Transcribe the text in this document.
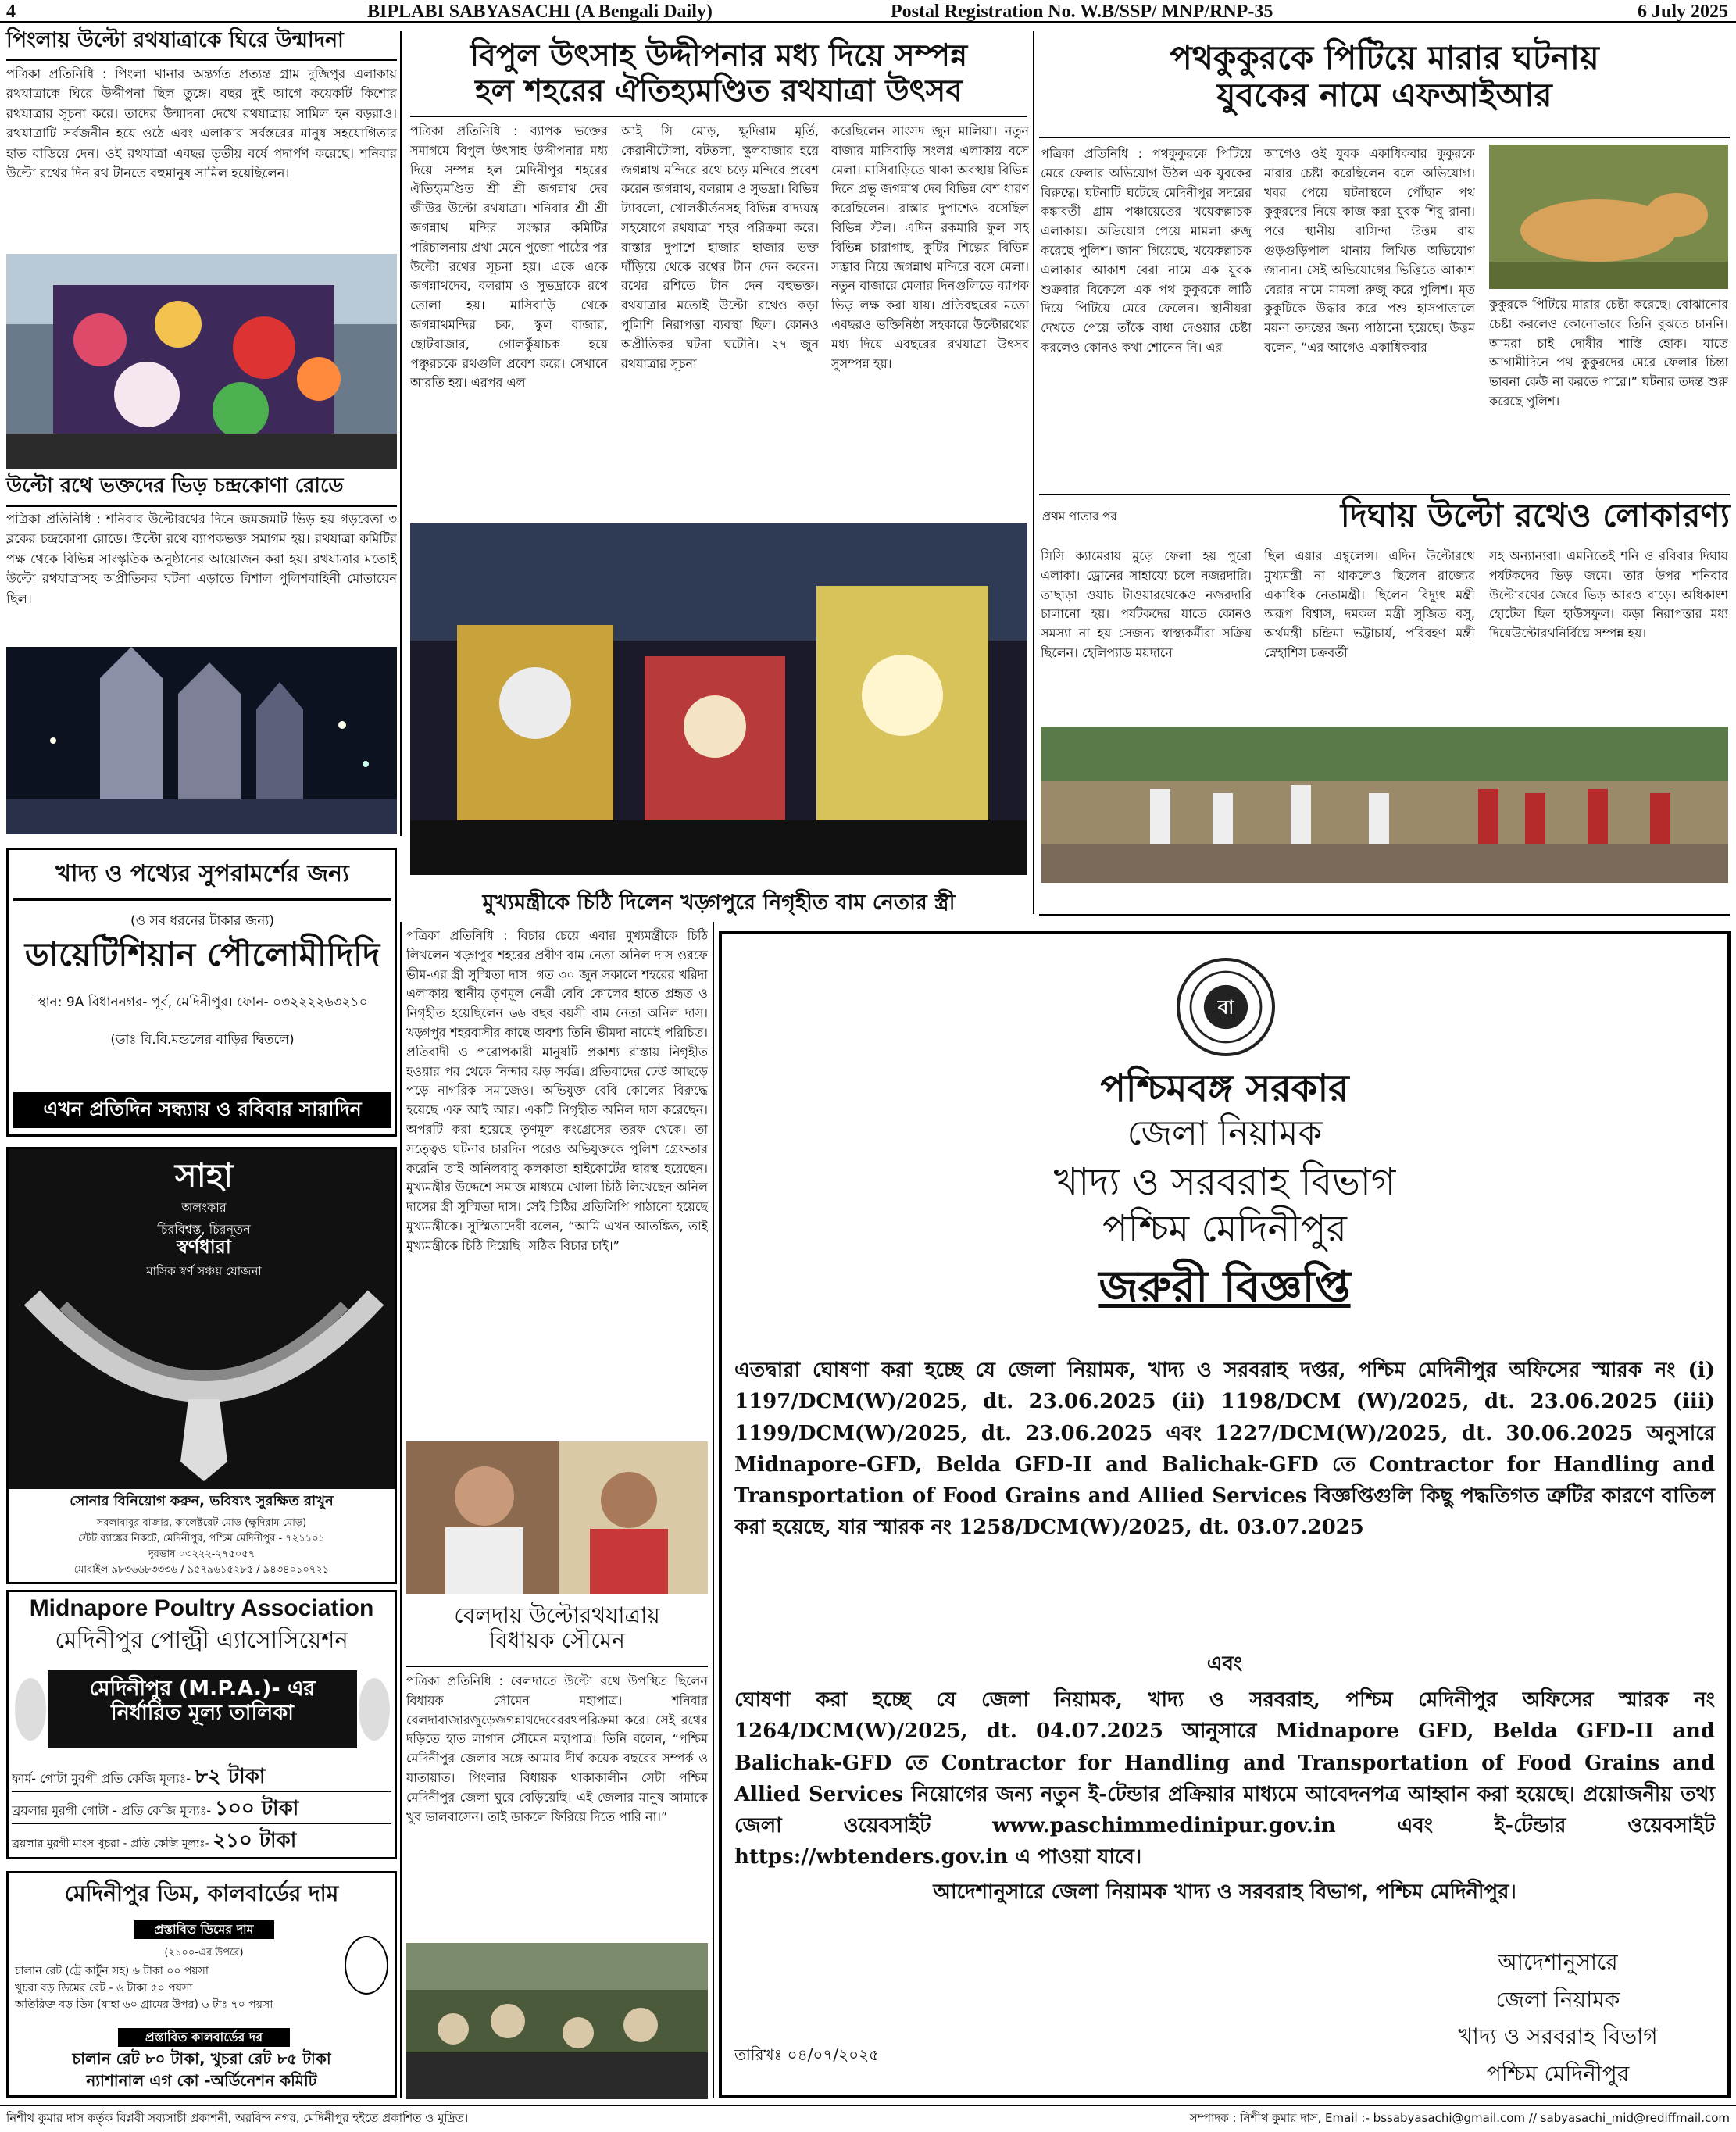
4	BIPLABI SABYASACHI (A Bengali Daily)	Postal Registration No. W.B/SSP/ MNP/RNP-35	6 July 2025
পিংলায় উল্টো রথযাত্রাকে ঘিরে উন্মাদনা
পত্রিকা প্রতিনিধি : পিংলা থানার অন্তর্গত প্রত্যন্ত গ্রাম দুজিপুর এলাকায় রথযাত্রাকে ঘিরে উদ্দীপনা ছিল তুঙ্গে। বছর দুই আগে কয়েকটি কিশোর রথযাত্রার সূচনা করে। তাদের উন্মাদনা দেখে রথযাত্রায় সামিল হন বড়রাও। রথযাত্রাটি সর্বজনীন হয়ে ওঠে এবং এলাকার সর্বস্তরের মানুষ সহযোগিতার হাত বাড়িয়ে দেন। ওই রথযাত্রা এবছর তৃতীয় বর্ষে পদার্পণ করেছে। শনিবার উল্টো রথের দিন রথ টানতে বহুমানুষ সামিল হয়েছিলেন।
উল্টো রথে ভক্তদের ভিড় চন্দ্রকোণা রোডে
পত্রিকা প্রতিনিধি : শনিবার উল্টোরথের দিনে জমজমাট ভিড় হয় গড়বেতা ৩ ব্লকের চন্দ্রকোণা রোডে। উল্টো রথে ব্যাপকভক্ত সমাগম হয়। রথযাত্রা কমিটির পক্ষ থেকে বিভিন্ন সাংস্কৃতিক অনুষ্ঠানের আয়োজন করা হয়। রথযাত্রার মতোই উল্টো রথযাত্রাসহ অপ্রীতিকর ঘটনা এড়াতে বিশাল পুলিশবাহিনী মোতায়েন ছিল।
বিপুল উৎসাহ উদ্দীপনার মধ্য দিয়ে সম্পন্ন
হল শহরের ঐতিহ্যমণ্ডিত রথযাত্রা উৎসব
পত্রিকা প্রতিনিধি : ব্যাপক ভক্তের সমাগমে বিপুল উৎসাহ উদ্দীপনার মধ্য দিয়ে সম্পন্ন হল মেদিনীপুর শহরের ঐতিহ্যমণ্ডিত শ্রী শ্রী জগন্নাথ দেব জীউর উল্টো রথযাত্রা। শনিবার শ্রী শ্রী জগন্নাথ মন্দির সংস্কার কমিটির পরিচালনায় প্রথা মেনে পুজো পাঠের পর উল্টো রথের সূচনা হয়। একে একে জগন্নাথদেব, বলরাম ও সুভদ্রাকে রথে তোলা হয়। মাসিবাড়ি থেকে জগন্নাথমন্দির চক, স্কুল বাজার, ছোটবাজার, গোলকুঁয়াচক হয়ে পঞ্চুরচকে রথগুলি প্রবেশ করে। সেখানে আরতি হয়। এরপর এল
আই সি মোড়, ক্ষুদিরাম মূর্তি, কেরানীটোলা, বটতলা, স্কুলবাজার হয়ে জগন্নাথ মন্দিরে রথে চড়ে মন্দিরে প্রবেশ করেন জগন্নাথ, বলরাম ও সুভদ্রা। বিভিন্ন ট্যাবলো, খোলকীর্তনসহ বিভিন্ন বাদ্যযন্ত্র সহযোগে রথযাত্রা শহর পরিক্রমা করে। রাস্তার দুপাশে হাজার হাজার ভক্ত দাঁড়িয়ে থেকে রথের টান দেন করেন। রথের রশিতে টান দেন বহুভক্ত। রথযাত্রার মতোই উল্টো রথেও কড়া পুলিশি নিরাপত্তা ব্যবস্থা ছিল। কোনও অপ্রীতিকর ঘটনা ঘটেনি। ২৭ জুন রথযাত্রার সূচনা
করেছিলেন সাংসদ জুন মালিয়া। নতুন বাজার মাসিবাড়ি সংলগ্ন এলাকায় বসে মেলা। মাসিবাড়িতে থাকা অবস্থায় বিভিন্ন দিনে প্রভু জগন্নাথ দেব বিভিন্ন বেশ ধারণ করেছিলেন। রাস্তার দুপাশেও বসেছিল বিভিন্ন স্টল। এদিন রকমারি ফুল সহ বিভিন্ন চারাগাছ, কুটির শিল্পের বিভিন্ন সম্ভার নিয়ে জগন্নাথ মন্দিরে বসে মেলা। নতুন বাজারে মেলার দিনগুলিতে ব্যাপক ভিড় লক্ষ করা যায়। প্রতিবছরের মতো এবছরও ভক্তিনিষ্ঠা সহকারে উল্টোরথের মধ্য দিয়ে এবছরের রথযাত্রা উৎসব সুসম্পন্ন হয়।
পথকুকুরকে পিটিয়ে মারার ঘটনায়
যুবকের নামে এফআইআর
পত্রিকা প্রতিনিধি : পথকুকুরকে পিটিয়ে মেরে ফেলার অভিযোগ উঠল এক যুবকের বিরুদ্ধে। ঘটনাটি ঘটেছে মেদিনীপুর সদরের কঙ্কাবতী গ্রাম পঞ্চায়েতের খয়েরুল্লাচক এলাকায়। অভিযোগ পেয়ে মামলা রুজু করেছে পুলিশ। জানা গিয়েছে, খয়েরুল্লাচক এলাকার আকাশ বেরা নামে এক যুবক শুক্রবার বিকেলে এক পথ কুকুরকে লাঠি দিয়ে পিটিয়ে মেরে ফেলেন। স্থানীয়রা দেখতে পেয়ে তাঁকে বাধা দেওয়ার চেষ্টা করলেও কোনও কথা শোনেন নি। এর
আগেও ওই যুবক একাধিকবার কুকুরকে মারার চেষ্টা করেছিলেন বলে অভিযোগ। খবর পেয়ে ঘটনাস্থলে পৌঁছান পথ কুকুরদের নিয়ে কাজ করা যুবক শিবু রানা। পরে স্থানীয় বাসিন্দা উত্তম রায় গুড়গুড়িপাল থানায় লিখিত অভিযোগ জানান। সেই অভিযোগের ভিত্তিতে আকাশ বেরার নামে মামলা রুজু করে পুলিশ। মৃত কুকুটিকে উদ্ধার করে পশু হাসপাতালে ময়না তদন্তের জন্য পাঠানো হয়েছে। উত্তম বলেন, “এর আগেও একাধিকবার
কুকুরকে পিটিয়ে মারার চেষ্টা করেছে। বোঝানোর চেষ্টা করলেও কোনোভাবে তিনি বুঝতে চাননি। আমরা চাই দোষীর শাস্তি হোক। যাতে আগামীদিনে পথ কুকুরদের মেরে ফেলার চিন্তা ভাবনা কেউ না করতে পারে।” ঘটনার তদন্ত শুরু করেছে পুলিশ।
প্রথম পাতার পর	দিঘায় উল্টো রথেও লোকারণ্য
সিসি ক্যামেরায় মুড়ে ফেলা হয় পুরো এলাকা। ড্রোনের সাহায্যে চলে নজরদারি। তাছাড়া ওয়াচ টাওয়ারথেকেও নজরদারি চালানো হয়। পর্যটকদের যাতে কোনও সমস্যা না হয় সেজন্য স্বাস্থ্যকর্মীরা সক্রিয় ছিলেন। হেলিপ্যাড ময়দানে
ছিল এয়ার এম্বুলেন্স। এদিন উল্টোরথে মুখ্যমন্ত্রী না থাকলেও ছিলেন রাজ্যের একাধিক নেতামন্ত্রী। ছিলেন বিদ্যুৎ মন্ত্রী অরূপ বিশ্বাস, দমকল মন্ত্রী সুজিত বসু, অর্থমন্ত্রী চন্দ্রিমা ভট্টাচার্য, পরিবহণ মন্ত্রী স্নেহাশিস চক্রবর্তী
সহ অন্যান্যরা। এমনিতেই শনি ও রবিবার দিঘায় পর্যটকদের ভিড় জমে। তার উপর শনিবার উল্টোরথের জেরে ভিড় আরও বাড়ে। অধিকাংশ হোটেল ছিল হাউসফুল। কড়া নিরাপত্তার মধ্য দিয়েউল্টোরথনির্বিঘ্নে সম্পন্ন হয়।
খাদ্য ও পথ্যের সুপরামর্শের জন্য
(ও সব ধরনের টাকার জন্য)
ডায়েটিশিয়ান পৌলোমীদিদি
স্থান: 9A বিধাননগর- পূর্ব, মেদিনীপুর। ফোন- ০৩২২২২৬৩২১০
(ডাঃ বি.বি.মন্ডলের বাড়ির দ্বিতলে)
এখন প্রতিদিন সন্ধ্যায় ও রবিবার সারাদিন
সাহা
অলংকার
চিরবিশ্বস্ত, চিরনূতন
স্বর্ণধারা
মাসিক স্বর্ণ সঞ্চয় যোজনা
সোনার বিনিয়োগ করুন, ভবিষ্যৎ সুরক্ষিত রাখুন
সরলাবাবুর বাজার, কালেক্টরেট মোড় (ক্ষুদিরাম মোড়)
স্টেট ব্যাঙ্কের নিকটে, মেদিনীপুর, পশ্চিম মেদিনীপুর - ৭২১১০১
দূরভাষ ০৩২২২-২৭৫০৫৭
মোবাইল ৯৮৩৬৬৮৩৩৩৬ / ৯৫৭৯৬১৫২৮৫ / ৯৪৩৪০১০৭২১
Midnapore Poultry Association
মেদিনীপুর পোল্ট্রী এ্যাসোসিয়েশন
মেদিনীপুর (M.P.A.)- এর
নির্ধারিত মূল্য তালিকা
ফার্ম- গোটা মুরগী প্রতি কেজি মূল্যঃ- ৮২ টাকা
ব্রয়লার মুরগী গোটা - প্রতি কেজি মূল্যঃ- ১০০ টাকা
ব্রয়লার মুরগী মাংস খুচরা - প্রতি কেজি মূল্যঃ- ২১০ টাকা
মেদিনীপুর ডিম, কালবার্ডের দাম
প্রস্তাবিত ডিমের দাম
(২১০০-এর উপরে)
চালান রেট (ট্রে কার্টুন সহ) ৬ টাকা ০০ পয়সা
খুচরা বড় ডিমের রেট - ৬ টাকা ৫০ পয়সা
অতিরিক্ত বড় ডিম (যাহা ৬০ গ্রামের উপর) ৬ টাঃ ৭০ পয়সা
প্রস্তাবিত কালবার্ডের দর
চালান রেট ৮০ টাকা, খুচরা রেট ৮৫ টাকা
ন্যাশানাল এগ কো -অর্ডিনেশন কমিটি
মুখ্যমন্ত্রীকে চিঠি দিলেন খড়্গপুরে নিগৃহীত বাম নেতার স্ত্রী
পত্রিকা প্রতিনিধি : বিচার চেয়ে এবার মুখ্যমন্ত্রীকে চিঠি লিখলেন খড়্গপুর শহরের প্রবীণ বাম নেতা অনিল দাস ওরফে ভীম-এর স্ত্রী সুস্মিতা দাস। গত ৩০ জুন সকালে শহরের খরিদা এলাকায় স্থানীয় তৃণমূল নেত্রী বেবি কোলের হাতে প্রহৃত ও নিগৃহীত হয়েছিলেন ৬৬ বছর বয়সী বাম নেতা অনিল দাস। খড়্গপুর শহরবাসীর কাছে অবশ্য তিনি ভীমদা নামেই পরিচিত। প্রতিবাদী ও পরোপকারী মানুষটি প্রকাশ্য রাস্তায় নিগৃহীত হওয়ার পর থেকে নিন্দার ঝড় সর্বত্র। প্রতিবাদের ঢেউ আছড়ে পড়ে নাগরিক সমাজেও। অভিযুক্ত বেবি কোলের বিরুদ্ধে হয়েছে এফ আই আর। একটি নিগৃহীত অনিল দাস করেছেন। অপরটি করা হয়েছে তৃণমূল কংগ্রেসের তরফ থেকে। তা সত্ত্বেও ঘটনার চারদিন পরেও অভিযুক্তকে পুলিশ গ্রেফতার করেনি তাই অনিলবাবু কলকাতা হাইকোর্টের দ্বারস্থ হয়েছেন। মুখ্যমন্ত্রীর উদ্দেশে সমাজ মাধ্যমে খোলা চিঠি লিখেছেন অনিল দাসের স্ত্রী সুস্মিতা দাস। সেই চিঠির প্রতিলিপি পাঠানো হয়েছে মুখ্যমন্ত্রীকে। সুস্মিতাদেবী বলেন, “আমি এখন আতঙ্কিত, তাই মুখ্যমন্ত্রীকে চিঠি দিয়েছি। সঠিক বিচার চাই।”
বেলদায় উল্টোরথযাত্রায়
বিধায়ক সৌমেন
পত্রিকা প্রতিনিধি : বেলদাতে উল্টো রথে উপস্থিত ছিলেন বিধায়ক সৌমেন মহাপাত্র। শনিবার বেলদাবাজারজুড়েজগন্নাথদেবেররথপরিক্রমা করে। সেই রথের দড়িতে হাত লাগান সৌমেন মহাপাত্র। তিনি বলেন, “পশ্চিম মেদিনীপুর জেলার সঙ্গে আমার দীর্ঘ কয়েক বছরের সম্পর্ক ও যাতায়াত। পিংলার বিধায়ক থাকাকালীন সেটা পশ্চিম মেদিনীপুর জেলা ঘুরে বেড়িয়েছি। এই জেলার মানুষ আমাকে খুব ভালবাসেন। তাই ডাকলে ফিরিয়ে দিতে পারি না।”
বা
পশ্চিমবঙ্গ সরকার
জেলা নিয়ামক
খাদ্য ও সরবরাহ বিভাগ
পশ্চিম মেদিনীপুর
জরুরী বিজ্ঞপ্তি
এতদ্বারা ঘোষণা করা হচ্ছে যে জেলা নিয়ামক, খাদ্য ও সরবরাহ দপ্তর, পশ্চিম মেদিনীপুর অফিসের স্মারক নং (i) 1197/DCM(W)/2025, dt. 23.06.2025 (ii) 1198/DCM (W)/2025, dt. 23.06.2025 (iii) 1199/DCM(W)/2025, dt. 23.06.2025 এবং 1227/DCM(W)/2025, dt. 30.06.2025 অনুসারে Midnapore-GFD, Belda GFD-II and Balichak-GFD তে Contractor for Handling and Transportation of Food Grains and Allied Services বিজ্ঞপ্তিগুলি কিছু পদ্ধতিগত ত্রুটির কারণে বাতিল করা হয়েছে, যার স্মারক নং 1258/DCM(W)/2025, dt. 03.07.2025
এবং
ঘোষণা করা হচ্ছে যে জেলা নিয়ামক, খাদ্য ও সরবরাহ, পশ্চিম মেদিনীপুর অফিসের স্মারক নং 1264/DCM(W)/2025, dt. 04.07.2025 আনুসারে Midnapore GFD, Belda GFD-II and Balichak-GFD তে Contractor for Handling and Transportation of Food Grains and Allied Services নিয়োগের জন্য নতুন ই-টেন্ডার প্রক্রিয়ার মাধ্যমে আবেদনপত্র আহ্বান করা হয়েছে। প্রয়োজনীয় তথ্য জেলা ওয়েবসাইট www.paschimmedinipur.gov.in এবং ই-টেন্ডার ওয়েবসাইট https://wbtenders.gov.in এ পাওয়া যাবে।
আদেশানুসারে জেলা নিয়ামক খাদ্য ও সরবরাহ বিভাগ, পশ্চিম মেদিনীপুর।
আদেশানুসারে
জেলা নিয়ামক
খাদ্য ও সরবরাহ বিভাগ
পশ্চিম মেদিনীপুর
তারিখঃ ০৪/০৭/২০২৫
নিশীথ কুমার দাস কর্তৃক বিপ্লবী সব্যসাচী প্রকাশনী, অরবিন্দ নগর, মেদিনীপুর হইতে প্রকাশিত ও মুদ্রিত।	সম্পাদক : নিশীথ কুমার দাস, Email :- bssabyasachi@gmail.com // sabyasachi_mid@rediffmail.com
